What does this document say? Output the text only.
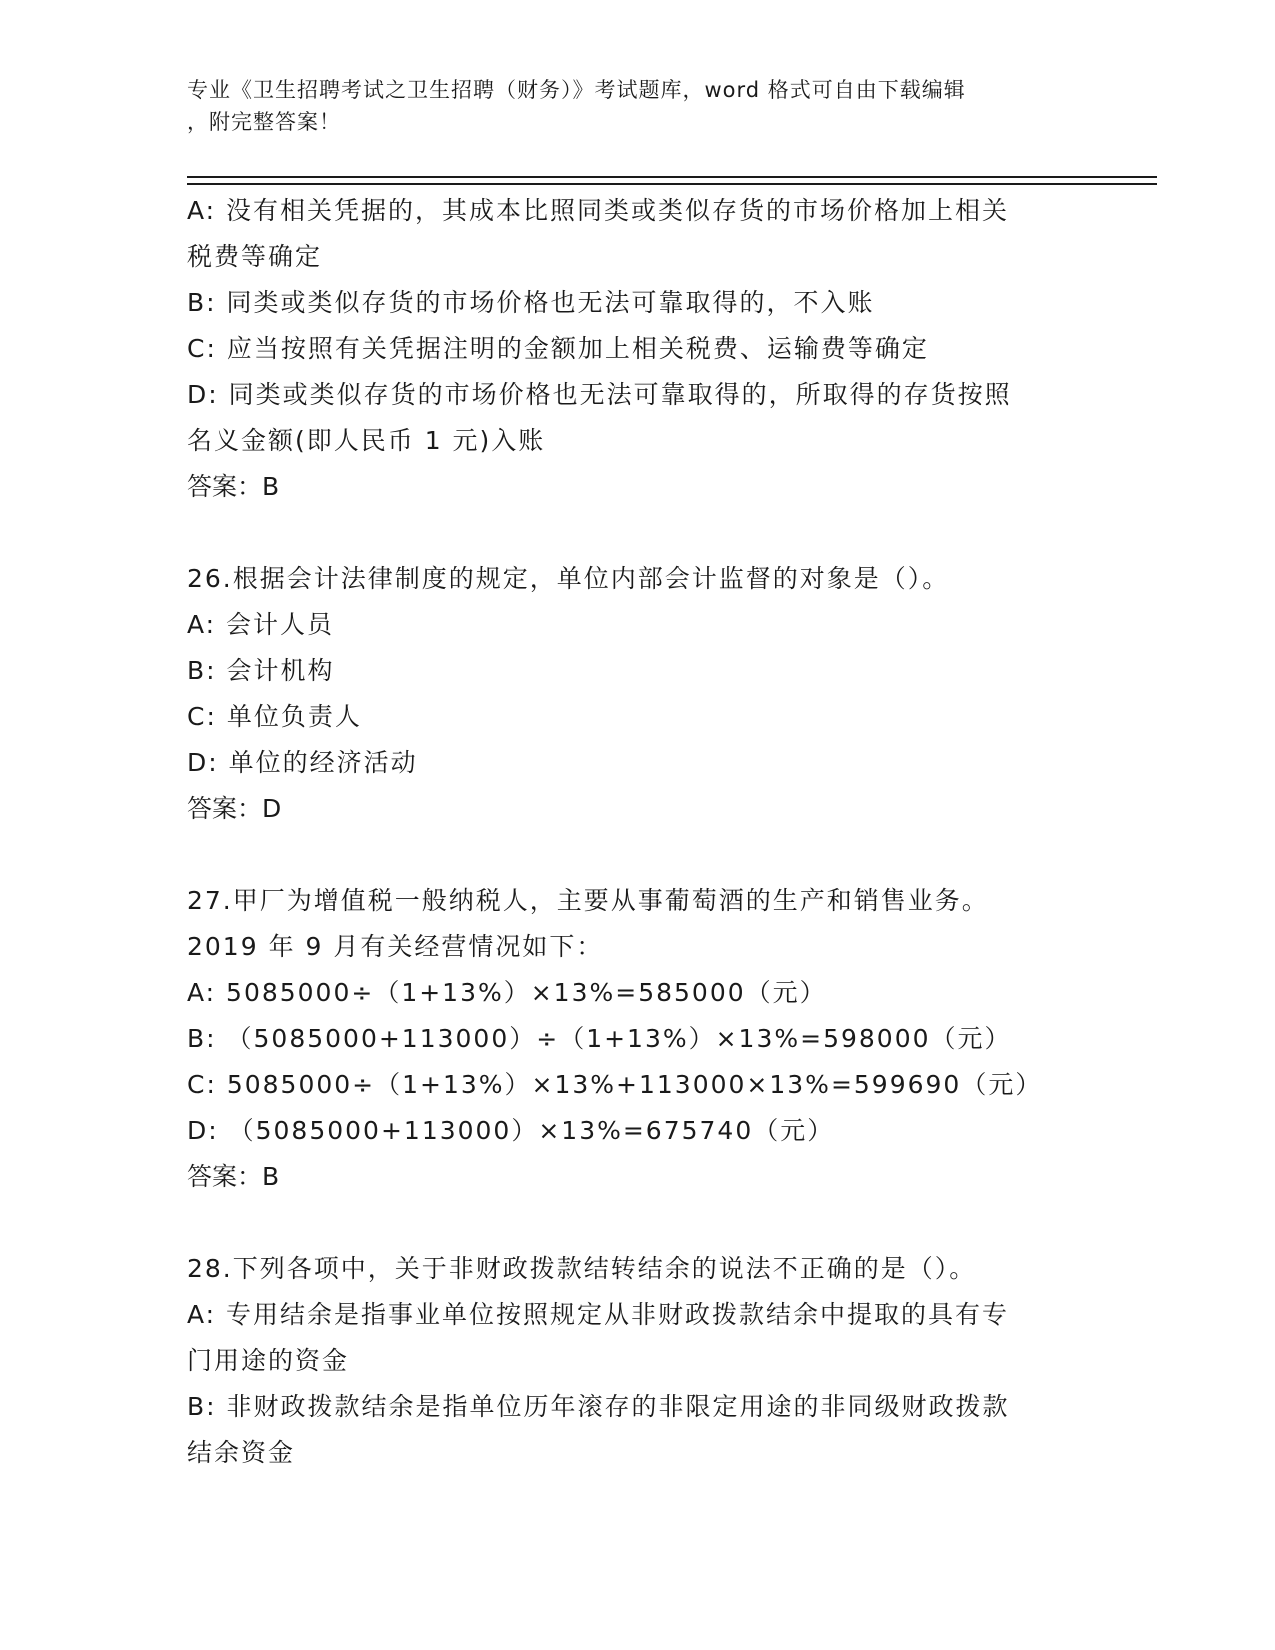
专业《卫生招聘考试之卫生招聘（财务）》考试题库，word 格式可自由下载编辑
，附完整答案！
A: 没有相关凭据的，其成本比照同类或类似存货的市场价格加上相关
税费等确定
B: 同类或类似存货的市场价格也无法可靠取得的，不入账
C: 应当按照有关凭据注明的金额加上相关税费、运输费等确定
D: 同类或类似存货的市场价格也无法可靠取得的，所取得的存货按照
名义金额(即人民币 1 元)入账
答案：B
26.根据会计法律制度的规定，单位内部会计监督的对象是（）。
A: 会计人员
B: 会计机构
C: 单位负责人
D: 单位的经济活动
答案：D
27.甲厂为增值税一般纳税人，主要从事葡萄酒的生产和销售业务。
2019 年 9 月有关经营情况如下：
A: 5085000÷（1+13%）×13%=585000（元）
B: （5085000+113000）÷（1+13%）×13%=598000（元）
C: 5085000÷（1+13%）×13%+113000×13%=599690（元）
D: （5085000+113000）×13%=675740（元）
答案：B
28.下列各项中，关于非财政拨款结转结余的说法不正确的是（）。
A: 专用结余是指事业单位按照规定从非财政拨款结余中提取的具有专
门用途的资金
B: 非财政拨款结余是指单位历年滚存的非限定用途的非同级财政拨款
结余资金
